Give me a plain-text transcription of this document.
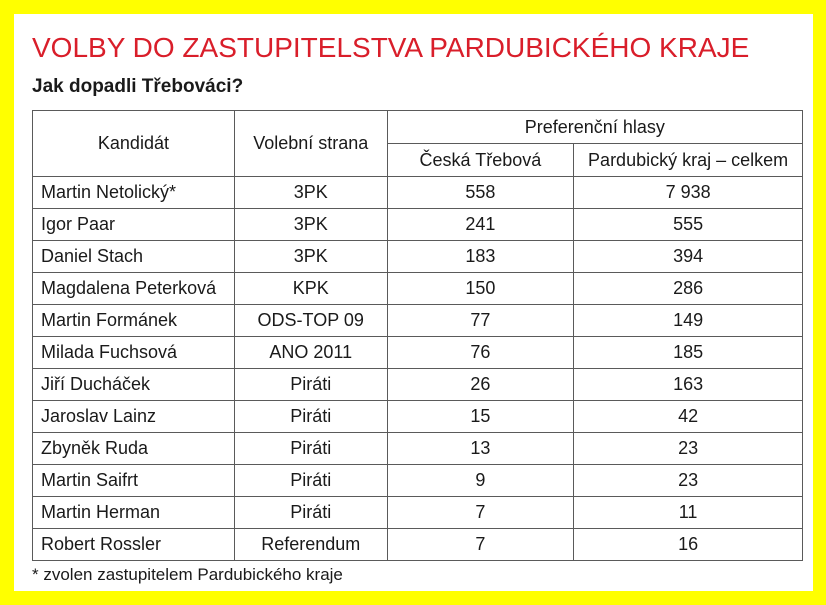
VOLBY DO ZASTUPITELSTVA PARDUBICKÉHO KRAJE
Jak dopadli Třebováci?
Kandidát	Volební strana	Preferenční hlasy	
		Česká Třebová	Pardubický kraj – celkem
Martin Netolický*	3PK	558	7 938
Igor Paar	3PK	241	555
Daniel Stach	3PK	183	394
Magdalena Peterková	KPK	150	286
Martin Formánek	ODS-TOP 09	77	149
Milada Fuchsová	ANO 2011	76	185
Jiří Ducháček	Piráti	26	163
Jaroslav Lainz	Piráti	15	42
Zbyněk Ruda	Piráti	13	23
Martin Saifrt	Piráti	9	23
Martin Herman	Piráti	7	11
Robert Rossler	Referendum	7	16
* zvolen zastupitelem Pardubického kraje
